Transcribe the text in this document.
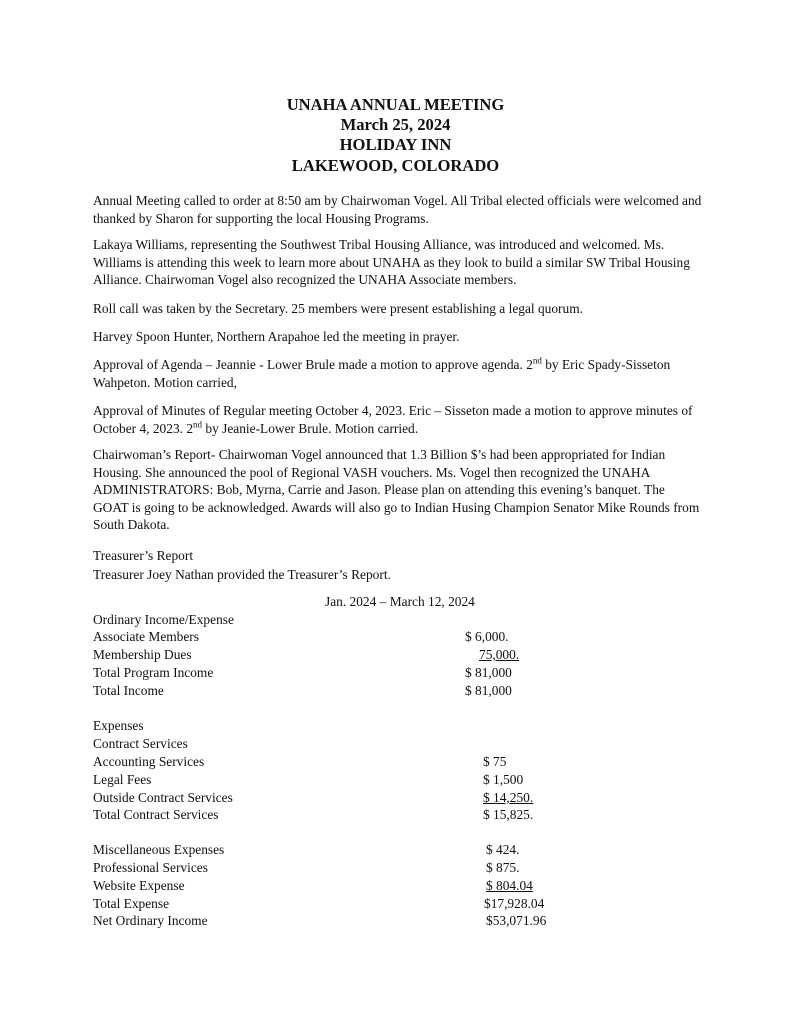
UNAHA ANNUAL MEETING
March 25, 2024
HOLIDAY INN
LAKEWOOD, COLORADO

Annual Meeting called to order at 8:50 am by Chairwoman Vogel. All Tribal elected officials were welcomed and thanked by Sharon for supporting the local Housing Programs.

Lakaya Williams, representing the Southwest Tribal Housing Alliance, was introduced and welcomed. Ms. Williams is attending this week to learn more about UNAHA as they look to build a similar SW Tribal Housing Alliance. Chairwoman Vogel also recognized the UNAHA Associate members.

Roll call was taken by the Secretary. 25 members were present establishing a legal quorum.

Harvey Spoon Hunter, Northern Arapahoe led the meeting in prayer.

Approval of Agenda – Jeannie - Lower Brule made a motion to approve agenda. 2nd by Eric Spady-Sisseton Wahpeton. Motion carried,

Approval of Minutes of Regular meeting October 4, 2023. Eric – Sisseton made a motion to approve minutes of October 4, 2023. 2nd by Jeanie-Lower Brule. Motion carried.

Chairwoman’s Report- Chairwoman Vogel announced that 1.3 Billion $’s had been appropriated for Indian Housing. She announced the pool of Regional VASH vouchers. Ms. Vogel then recognized the UNAHA ADMINISTRATORS: Bob, Myrna, Carrie and Jason. Please plan on attending this evening’s banquet. The GOAT is going to be acknowledged. Awards will also go to Indian Husing Champion Senator Mike Rounds from South Dakota.

Treasurer’s Report
Treasurer Joey Nathan provided the Treasurer’s Report.
Jan. 2024 – March 12, 2024
Ordinary Income/Expense
Associate Members	$ 6,000.
Membership Dues	75,000.
Total Program Income	$ 81,000
Total Income	$ 81,000
Expenses
Contract Services
Accounting Services	$ 75
Legal Fees	$ 1,500
Outside Contract Services	$ 14,250.
Total Contract Services	$ 15,825.
Miscellaneous Expenses	$ 424.
Professional Services	$ 875.
Website Expense	$ 804.04
Total Expense	$17,928.04
Net Ordinary Income	$53,071.96
